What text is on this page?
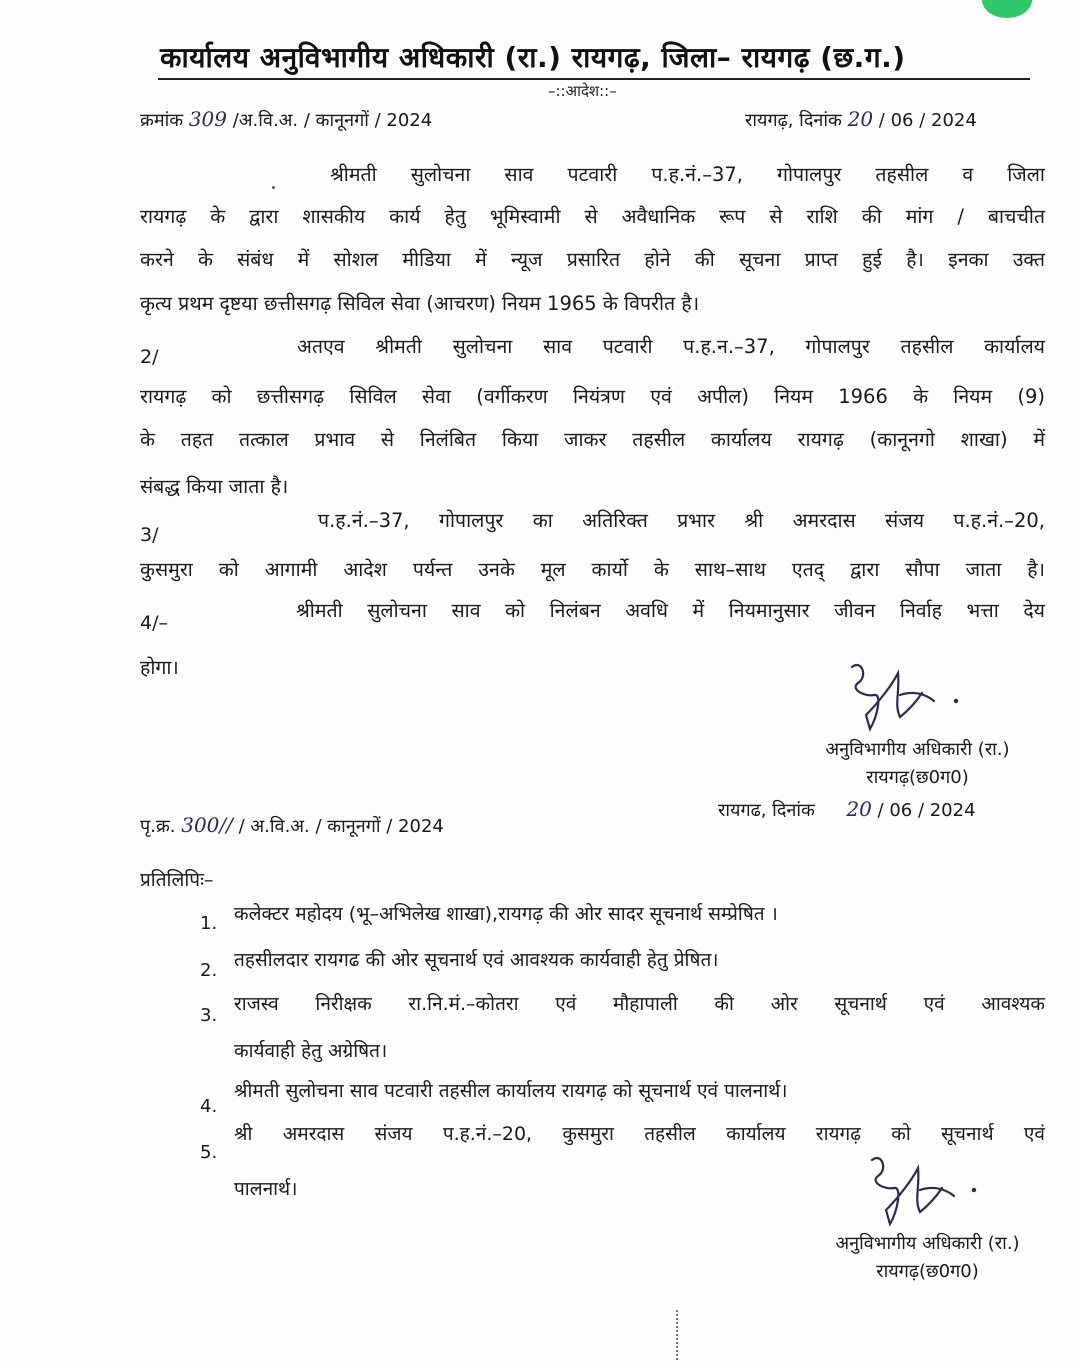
कार्यालय अनुविभागीय अधिकारी (रा.) रायगढ़, जिला– रायगढ़ (छ.ग.)
–::आदेश::–
क्रमांक 309 /अ.वि.अ. / कानूनगों / 2024	रायगढ़, दिनांक 20 / 06 / 2024
श्रीमती सुलोचना साव पटवारी प.ह.नं.–37, गोपालपुर तहसील व जिला
रायगढ़ के द्वारा शासकीय कार्य हेतु भूमिस्वामी से अवैधानिक रूप से राशि की मांग / बाचचीत
करने के संबंध में सोशल मीडिया में न्यूज प्रसारित होने की सूचना प्राप्त हुई है। इनका उक्त
कृत्य प्रथम दृष्टया छत्तीसगढ़ सिविल सेवा (आचरण) नियम 1965 के विपरीत है।
2/	अतएव श्रीमती सुलोचना साव पटवारी प.ह.न.–37, गोपालपुर तहसील कार्यालय
रायगढ़ को छत्तीसगढ़ सिविल सेवा (वर्गीकरण नियंत्रण एवं अपील) नियम 1966 के नियम (9)
के तहत तत्काल प्रभाव से निलंबित किया जाकर तहसील कार्यालय रायगढ़ (कानूनगो शाखा) में
संबद्ध किया जाता है।
3/
प.ह.नं.–37, गोपालपुर का अतिरिक्त प्रभार श्री अमरदास संजय प.ह.नं.–20,
कुसमुरा को आगामी आदेश पर्यन्त उनके मूल कार्यो के साथ–साथ एतद् द्वारा सौपा जाता है।
4/–
श्रीमती सुलोचना साव को निलंबन अवधि में नियमानुसार जीवन निर्वाह भत्ता देय
होगा।
अनुविभागीय अधिकारी (रा.)
रायगढ़(छ0ग0)
पृ.क्र. 300// / अ.वि.अ. / कानूनगों / 2024
रायगढ, दिनांक 20 / 06 / 2024
प्रतिलिपिः–
1. कलेक्टर महोदय (भू–अभिलेख शाखा),रायगढ़ की ओर सादर सूचनार्थ सम्प्रेषित ।
2. तहसीलदार रायगढ की ओर सूचनार्थ एवं आवश्यक कार्यवाही हेतु प्रेषित।
3.
राजस्व निरीक्षक रा.नि.मं.–कोतरा एवं मौहापाली की ओर सूचनार्थ एवं आवश्यक
कार्यवाही हेतु अग्रेषित।
4.
श्रीमती सुलोचना साव पटवारी तहसील कार्यालय रायगढ़ को सूचनार्थ एवं पालनार्थ।
5.
श्री अमरदास संजय प.ह.नं.–20, कुसमुरा तहसील कार्यालय रायगढ़ को सूचनार्थ एवं
पालनार्थ।
अनुविभागीय अधिकारी (रा.)
रायगढ़(छ0ग0)
